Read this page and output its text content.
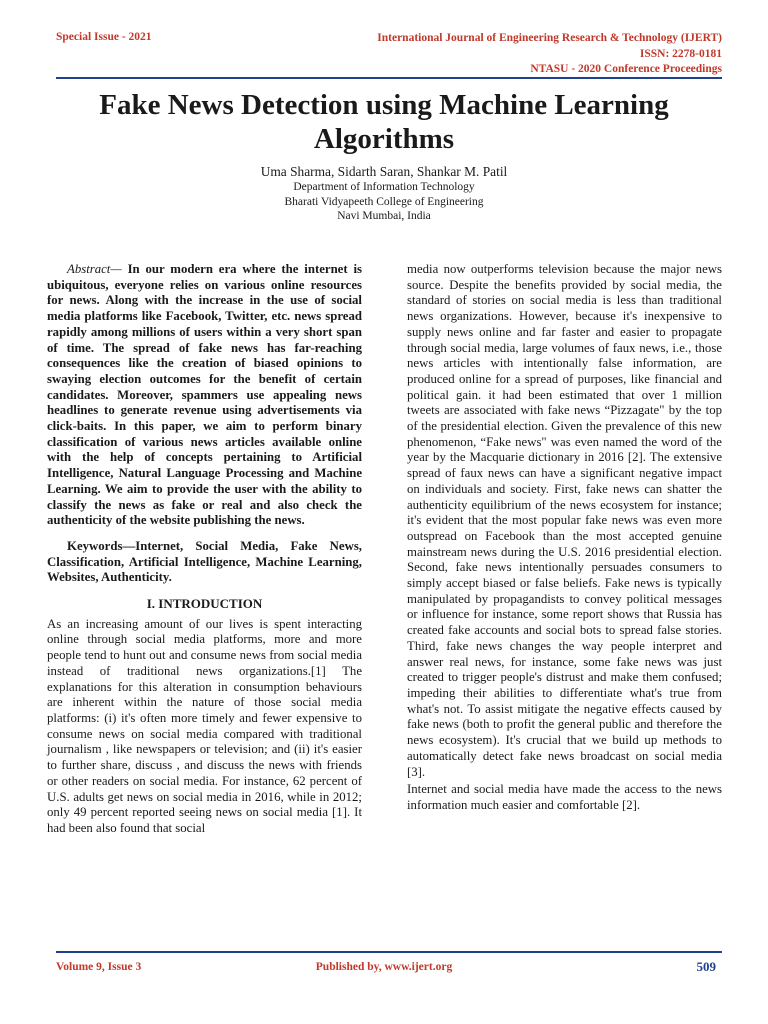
Special Issue - 2021	International Journal of Engineering Research & Technology (IJERT)
ISSN: 2278-0181
NTASU - 2020 Conference Proceedings
Fake News Detection using Machine Learning Algorithms
Uma Sharma, Sidarth Saran, Shankar M. Patil
Department of Information Technology
Bharati Vidyapeeth College of Engineering
Navi Mumbai, India

Abstract— In our modern era where the internet is ubiquitous, everyone relies on various online resources for news. Along with the increase in the use of social media platforms like Facebook, Twitter, etc. news spread rapidly among millions of users within a very short span of time. The spread of fake news has far-reaching consequences like the creation of biased opinions to swaying election outcomes for the benefit of certain candidates. Moreover, spammers use appealing news headlines to generate revenue using advertisements via click-baits. In this paper, we aim to perform binary classification of various news articles available online with the help of concepts pertaining to Artificial Intelligence, Natural Language Processing and Machine Learning. We aim to provide the user with the ability to classify the news as fake or real and also check the authenticity of the website publishing the news.

Keywords—Internet, Social Media, Fake News, Classification, Artificial Intelligence, Machine Learning, Websites, Authenticity.

I. INTRODUCTION

As an increasing amount of our lives is spent interacting online through social media platforms, more and more people tend to hunt out and consume news from social media instead of traditional news organizations.[1] The explanations for this alteration in consumption behaviours are inherent within the nature of those social media platforms: (i) it's often more timely and fewer expensive to consume news on social media compared with traditional journalism , like newspapers or television; and (ii) it's easier to further share, discuss , and discuss the news with friends or other readers on social media. For instance, 62 percent of U.S. adults get news on social media in 2016, while in 2012; only 49 percent reported seeing news on social media [1]. It had been also found that social

media now outperforms television because the major news source. Despite the benefits provided by social media, the standard of stories on social media is less than traditional news organizations. However, because it's inexpensive to supply news online and far faster and easier to propagate through social media, large volumes of faux news, i.e., those news articles with intentionally false information, are produced online for a spread of purposes, like financial and political gain. it had been estimated that over 1 million tweets are associated with fake news “Pizzagate" by the top of the presidential election. Given the prevalence of this new phenomenon, “Fake news" was even named the word of the year by the Macquarie dictionary in 2016 [2]. The extensive spread of faux news can have a significant negative impact on individuals and society. First, fake news can shatter the authenticity equilibrium of the news ecosystem for instance; it's evident that the most popular fake news was even more outspread on Facebook than the most accepted genuine mainstream news during the U.S. 2016 presidential election. Second, fake news intentionally persuades consumers to simply accept biased or false beliefs. Fake news is typically manipulated by propagandists to convey political messages or influence for instance, some report shows that Russia has created fake accounts and social bots to spread false stories. Third, fake news changes the way people interpret and answer real news, for instance, some fake news was just created to trigger people's distrust and make them confused; impeding their abilities to differentiate what's true from what's not. To assist mitigate the negative effects caused by fake news (both to profit the general public and therefore the news ecosystem). It's crucial that we build up methods to automatically detect fake news broadcast on social media [3].

Internet and social media have made the access to the news information much easier and comfortable [2].

Volume 9, Issue 3	Published by, www.ijert.org	509
